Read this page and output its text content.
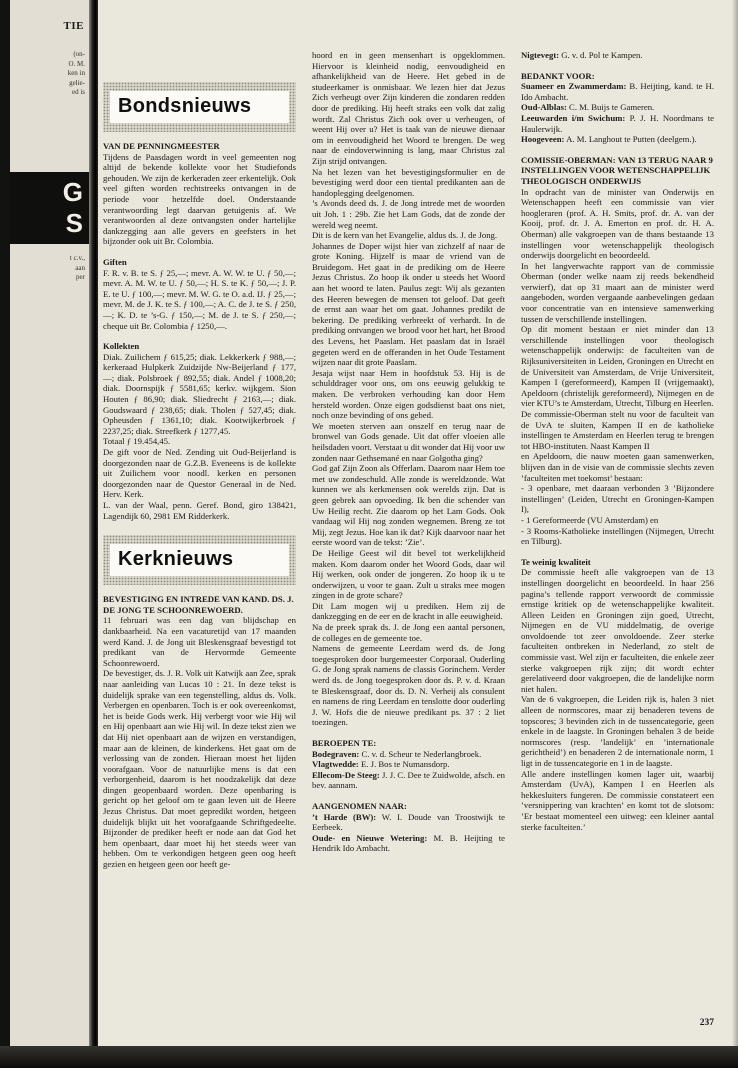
TIE
(on-
O. M.
ken in
gelie-
ed is
G
S
t c.v.,
aan
per
Bondsnieuws

VAN DE PENNINGMEESTER

Tijdens de Paasdagen wordt in veel gemeenten nog altijd de bekende kollekte voor het Studiefonds gehouden. We zijn de kerkeraden zeer erkentelijk. Ook veel giften worden rechtstreeks ontvangen in de periode voor hetzelfde doel. Onderstaande verantwoording legt daarvan getuigenis af. We verantwoorden al deze ontvangsten onder hartelijke dankzegging aan alle gevers en geefsters in het bijzonder ook uit Br. Colombia.

Giften

F. R. v. B. te S. ƒ 25,—; mevr. A. W. W. te U. ƒ 50,—; mevr. A. M. W. te U. ƒ 50,—; H. S. te K. ƒ 50,—; J. P. E. te U. ƒ 100,—; mevr. M. W. G. te O. a.d. IJ. ƒ 25,—; mevr. M. de J. K. te S. ƒ 100,—; A. C. de J. te S. ƒ 250,—; K. D. te ’s-G. ƒ 150,—; M. de J. te S. ƒ 250,—; cheque uit Br. Colombia ƒ 1250,—.

Kollekten

Diak. Zuilichem ƒ 615,25; diak. Lekkerkerk ƒ 988,—; kerkeraad Hulpkerk Zuidzijde Nw-Beijerland ƒ 177,—; diak. Polsbroek ƒ 892,55; diak. Andel ƒ 1008,20; diak. Doornspijk ƒ 5581,65; kerkv. wijkgem. Sion Houten ƒ 86,90; diak. Sliedrecht ƒ 2163,—; diak. Goudswaard ƒ 238,65; diak. Tholen ƒ 527,45; diak. Opheusden ƒ 1361,10; diak. Kootwijkerbroek ƒ 2237,25; diak. Streefkerk ƒ 1277,45.

Totaal ƒ 19.454,45.

De gift voor de Ned. Zending uit Oud-Beijerland is doorgezonden naar de G.Z.B. Eveneens is de kollekte uit Zuilichem voor noodl. kerken en personen doorgezonden naar de Questor Generaal in de Ned. Herv. Kerk.

L. van der Waal, penn. Geref. Bond, giro 138421, Lagendijk 60, 2981 EM Ridderkerk.

Kerknieuws

BEVESTIGING EN INTREDE VAN KAND. DS. J. DE JONG TE SCHOONREWOERD.

11 februari was een dag van blijdschap en dankbaarheid. Na een vacaturetijd van 17 maanden werd Kand. J. de Jong uit Bleskensgraaf bevestigd tot predikant van de Hervormde Gemeente Schoonrewoerd.

De bevestiger, ds. J. R. Volk uit Katwijk aan Zee, sprak naar aanleiding van Lucas 10 : 21. In deze tekst is duidelijk sprake van een tegenstelling, aldus ds. Volk. Verbergen en openbaren. Toch is er ook overeenkomst, het is beide Gods werk. Hij verbergt voor wie Hij wil en Hij openbaart aan wie Hij wil. In deze tekst zien we dat Hij niet openbaart aan de wijzen en verstandigen, maar aan de kleinen, de kinderkens. Het gaat om de verlossing van de zonden. Hieraan moest het lijden voorafgaan. Voor de natuurlijke mens is dat een verborgenheid, daarom is het noodzakelijk dat deze dingen geopenbaard worden. Deze openbaring is gericht op het geloof om te gaan leven uit de Heere Jezus Christus. Dat moet gepredikt worden, hetgeen duidelijk blijkt uit het voorafgaande Schriftgedeelte. Bijzonder de prediker heeft er node aan dat God het hem openbaart, daar moet hij het steeds weer van hebben. Om te verkondigen hetgeen geen oog heeft gezien en hetgeen geen oor heeft ge-

hoord en in geen mensenhart is opgeklommen. Hiervoor is kleinheid nodig, eenvoudigheid en afhankelijkheid van de Heere. Het gebed in de studeerkamer is onmisbaar. We lezen hier dat Jezus Zich verheugt over Zijn kinderen die zondaren redden door de prediking. Hij heeft straks een volk dat zalig wordt. Zal Christus Zich ook over u verheugen, of weent Hij over u? Het is taak van de nieuwe dienaar om in eenvoudigheid het Woord te brengen. De weg naar de eindoverwinning is lang, maar Christus zal Zijn strijd ontvangen.

Na het lezen van het bevestigingsformulier en de bevestiging werd door een tiental predikanten aan de handoplegging deelgenomen.

’s Avonds deed ds. J. de Jong intrede met de woorden uit Joh. 1 : 29b. Zie het Lam Gods, dat de zonde der wereld weg neemt.

Dit is de kern van het Evangelie, aldus ds. J. de Jong.

Johannes de Doper wijst hier van zichzelf af naar de grote Koning. Hijzelf is maar de vriend van de Bruidegom. Het gaat in de prediking om de Heere Jezus Christus. Zo hoop ik onder u steeds het Woord aan het woord te laten. Paulus zegt: Wij als gezanten des Heeren bewegen de mensen tot geloof. Dat geeft de ernst aan waar het om gaat. Johannes predikt de bekering. De prediking verbreekt of verhardt. In de prediking ontvangen we brood voor het hart, het Brood des Levens, het Paaslam. Het paaslam dat in Israël gegeten werd en de offeranden in het Oude Testament wijzen naar dit grote Paaslam.

Jesaja wijst naar Hem in hoofdstuk 53. Hij is de schulddrager voor ons, om ons eeuwig gelukkig te maken. De verbroken verhouding kan door Hem hersteld worden. Onze eigen godsdienst baat ons niet, noch onze bevinding of ons gebed.

We moeten sterven aan onszelf en terug naar de bronwel van Gods genade. Uit dat offer vloeien alle heilsdaden voort. Verstaat u dit wonder dat Hij voor uw zonden naar Gethsemané en naar Golgotha ging?

God gaf Zijn Zoon als Offerlam. Daarom naar Hem toe met uw zondeschuld. Alle zonde is wereldzonde. Wat kunnen we als kerkmensen ook werelds zijn. Dat is geen gebrek aan opvoeding. Ik ben die schender van Uw Heilig recht. Zie daarom op het Lam Gods. Ook vandaag wil Hij nog zonden wegnemen. Breng ze tot Mij, zegt Jezus. Hoe kan ik dat? Kijk daarvoor naar het eerste woord van de tekst: ’Zie’.

De Heilige Geest wil dit bevel tot werkelijkheid maken. Kom daarom onder het Woord Gods, daar wil Hij werken, ook onder de jongeren. Zo hoop ik u te onderwijzen, u voor te gaan. Zult u straks mee mogen zingen in de grote schare?

Dit Lam mogen wij u prediken. Hem zij de dankzegging en de eer en de kracht in alle eeuwigheid.

Na de preek sprak ds. J. de Jong een aantal personen, de colleges en de gemeente toe.

Namens de gemeente Leerdam werd ds. de Jong toegesproken door burgemeester Corporaal. Ouderling G. de Jong sprak namens de classis Gorinchem. Verder werd ds. de Jong toegesproken door ds. P. v. d. Kraan te Bleskensgraaf, door ds. D. N. Verheij als consulent en namens de ring Leerdam en tenslotte door ouderling J. W. Hofs die de nieuwe predikant ps. 37 : 2 liet toezingen.

BEROEPEN TE:

Bodegraven: C. v. d. Scheur te Nederlangbroek.

Vlagtwedde: E. J. Bos te Numansdorp.

Ellecom-De Steeg: J. J. C. Dee te Zuidwolde, afsch. en bev. aannam.

AANGENOMEN NAAR:

’t Harde (BW): W. I. Doude van Troostwijk te Eerbeek.

Oude- en Nieuwe Wetering: M. B. Heijting te Hendrik Ido Ambacht.

Nigtevegt: G. v. d. Pol te Kampen.

BEDANKT VOOR:

Suameer en Zwammerdam: B. Heijting, kand. te H. Ido Ambacht.

Oud-Alblas: C. M. Buijs te Gameren.

Leeuwarden i/m Swichum: P. J. H. Noordmans te Haulerwijk.

Hoogeveen: A. M. Langhout te Putten (deelgem.).

COMISSIE-OBERMAN: VAN 13 TERUG NAAR 9 INSTELLINGEN VOOR WETENSCHAPPELIJK THEOLOGISCH ONDERWIJS

In opdracht van de minister van Onderwijs en Wetenschappen heeft een commissie van vier hoogleraren (prof. A. H. Smits, prof. dr. A. van der Kooij, prof. dr. J. A. Emerton en prof. dr. H. A. Oberman) alle vakgroepen van de thans bestaande 13 instellingen voor wetenschappelijk theologisch onderwijs doorgelicht en beoordeeld.

In het langverwachte rapport van de commissie Oberman (onder welke naam zij reeds bekendheid verwierf), dat op 31 maart aan de minister werd aangeboden, worden vergaande aanbevelingen gedaan voor concentratie van en intensieve samenwerking tussen de verschillende instellingen.

Op dit moment bestaan er niet minder dan 13 verschillende instellingen voor theologisch wetenschappelijk onderwijs: de faculteiten van de Rijksuniversiteiten in Leiden, Groningen en Utrecht en de Universiteit van Amsterdam, de Vrije Universiteit, Kampen I (gereformeerd), Kampen II (vrijgemaakt), Apeldoorn (christelijk gereformeerd), Nijmegen en de vier KTU’s te Amsterdam, Utrecht, Tilburg en Heerlen.

De commissie-Oberman stelt nu voor de faculteit van de UvA te sluiten, Kampen II en de katholieke instellingen te Amsterdam en Heerlen terug te brengen tot HBO-instituten. Naast Kampen II

en Apeldoorn, die nauw moeten gaan samenwerken, blijven dan in de visie van de commissie slechts zeven ’faculteiten met toekomst’ bestaan:

- 3 openbare, met daaraan verbonden 3 ’Bijzondere instellingen’ (Leiden, Utrecht en Groningen-Kampen I),

- 1 Gereformeerde (VU Amsterdam) en

- 3 Rooms-Katholieke instellingen (Nijmegen, Utrecht en Tilburg).

Te weinig kwaliteit

De commissie heeft alle vakgroepen van de 13 instellingen doorgelicht en beoordeeld. In haar 256 pagina’s tellende rapport verwoordt de commissie ernstige kritiek op de wetenschappelijke kwaliteit. Alleen Leiden en Groningen zijn goed, Utrecht, Nijmegen en de VU middelmatig, de overige onvoldoende tot zeer onvoldoende. Zeer sterke faculteiten ontbreken in Nederland, zo stelt de commissie vast. Wel zijn er faculteiten, die enkele zeer sterke vakgroepen rijk zijn; dit wordt echter gerelativeerd door vakgroepen, die de landelijke norm niet halen.

Van de 6 vakgroepen, die Leiden rijk is, halen 3 niet alleen de normscores, maar zij benaderen tevens de topscores; 3 bevinden zich in de tussencategorie, geen enkele in de laagste. In Groningen behalen 3 de beide normscores (resp. ’landelijk’ en ’internationale gerichtheid’) en benaderen 2 de internationale norm, 1 ligt in de tussencategorie en 1 in de laagste.

Alle andere instellingen komen lager uit, waarbij Amsterdam (UvA), Kampen I en Heerlen als hekkesluiters fungeren. De commissie constateert een ’versnippering van krachten’ en komt tot de slotsom: ’Er bestaat momenteel een uitweg: een kleiner aantal sterke faculteiten.’

237
